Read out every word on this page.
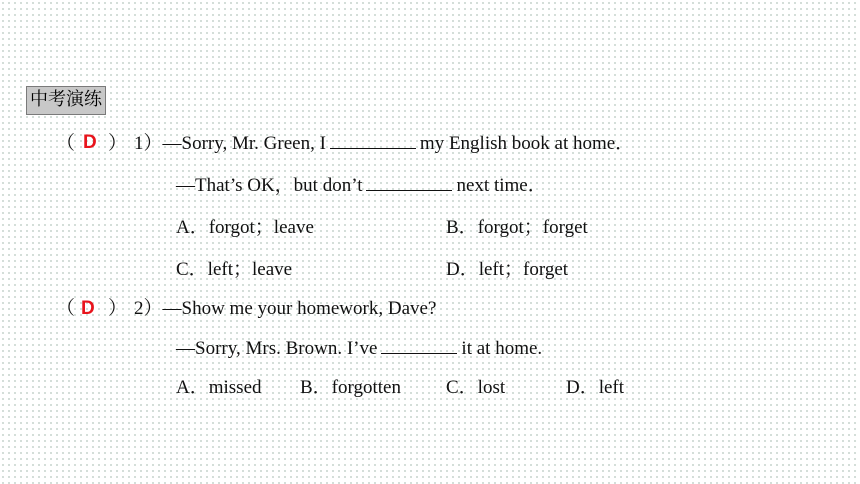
中考演练
（ D ） 1）—Sorry, Mr. Green, I	my English book at home．
—That’s OK，but don’t	next time．
A．forgot；leave	B．forgot；forget
C．left；leave	D．left；forget
（ D ） 2）—Show me your homework, Dave?
—Sorry, Mrs. Brown. I’ve	it at home.
A．missed B．forgotten C．lost	D．left
